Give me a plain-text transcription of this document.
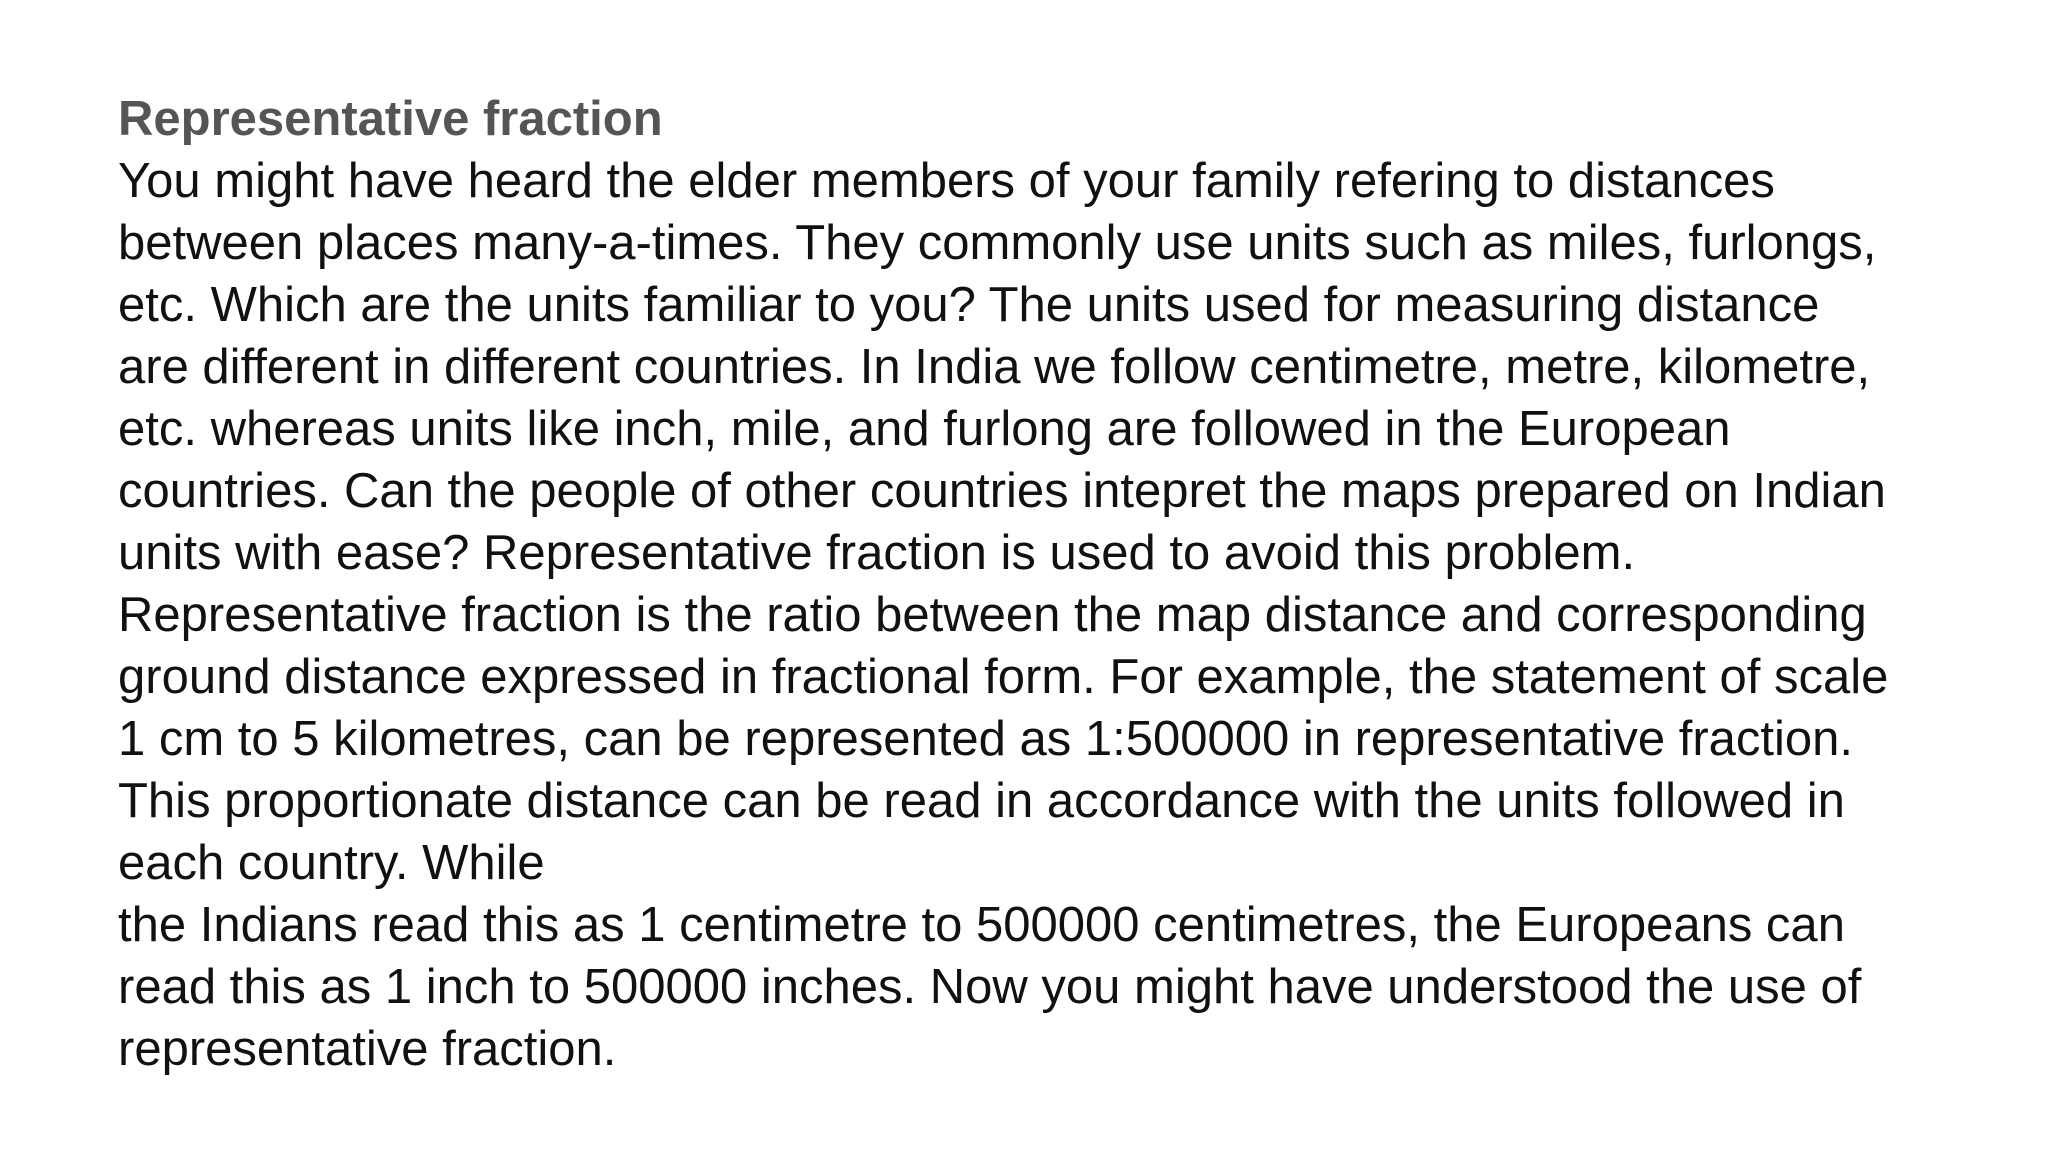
Representative fraction
You might have heard the elder members of your family refering to distances
between places many-a-times. They commonly use units such as miles, furlongs,
etc. Which are the units familiar to you? The units used for measuring distance
are different in different countries. In India we follow centimetre, metre, kilometre,
etc. whereas units like inch, mile, and furlong are followed in the European
countries. Can the people of other countries intepret the maps prepared on Indian
units with ease? Representative fraction is used to avoid this problem.
Representative fraction is the ratio between the map distance and corresponding
ground distance expressed in fractional form. For example, the statement of scale
1 cm to 5 kilometres, can be represented as 1:500000 in representative fraction.
This proportionate distance can be read in accordance with the units followed in
each country. While
the Indians read this as 1 centimetre to 500000 centimetres, the Europeans can
read this as 1 inch to 500000 inches. Now you might have understood the use of
representative fraction.
